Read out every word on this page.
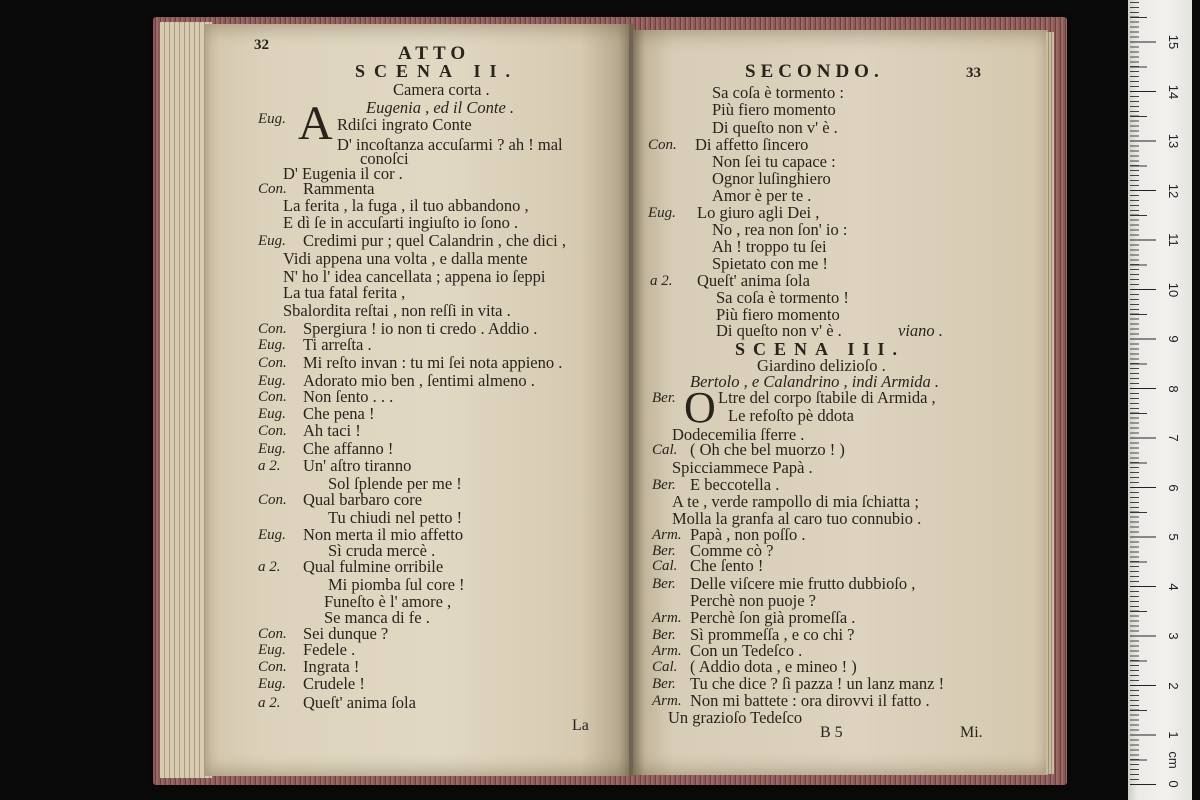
32	ATTO
SCENA II.
Camera corta .
Eugenia , ed il Conte .
A
Eug.	Rdiſci ingrato Conte
D' incoſtanza accuſarmi ? ah ! mal
conoſci
D' Eugenia il cor .
Con. Rammenta
La ferita , la fuga , il tuo abbandono ,
E dì ſe in accuſarti ingiuſto io ſono .
Eug. Credimi pur ; quel Calandrin , che dici ,
Vidi appena una volta , e dalla mente
N' ho l' idea cancellata ; appena io ſeppi
La tua fatal ferita ,
Sbalordita reſtai , non reſſi in vita .
Con. Spergiura ! io non ti credo . Addio .
Eug. Ti arreſta .
Con. Mi reſto invan : tu mi ſei nota appieno .
Eug. Adorato mio ben , ſentimi almeno .
Con. Non ſento . . .
Eug. Che pena !
Con. Ah taci !
Eug. Che affanno !
a 2. Un' aſtro tiranno
Sol ſplende per me !
Con. Qual barbaro core
Tu chiudi nel petto !
Eug. Non merta il mio affetto
Sì cruda mercè .
a 2. Qual fulmine orribile
Mi piomba ſul core !
Funeſto è l' amore ,
Se manca di fe .
Con. Sei dunque ?
Eug. Fedele .
Con. Ingrata !
Eug. Crudele !
a 2. Queſt' anima ſola
La
SECONDO.	33
Sa coſa è tormento :
Più fiero momento
Di queſto non v' è .
Con. Di affetto ſincero
Non ſei tu capace :
Ognor luſinghiero
Amor è per te .
Eug. Lo giuro agli Dei ,
No , rea non ſon' io :
Ah ! troppo tu ſei
Spietato con me !
a 2. Queſt' anima ſola
Sa coſa è tormento !
Più fiero momento
Di queſto non v' è .	viano .
SCENA III.
Giardino delizioſo .
Bertolo , e Calandrino , indi Armida .
O
Ber.	Ltre del corpo ſtabile di Armida ,
Le refoſto pè ddota
Dodecemilia ſferre .
Cal. ( Oh che bel muorzo ! )
Spicciammece Papà .
Ber. E beccotella .
A te , verde rampollo di mia ſchiatta ;
Molla la granfa al caro tuo connubio .
Arm. Papà , non poſſo .
Ber. Comme cò ?
Cal. Che ſento !
Ber. Delle viſcere mie frutto dubbioſo ,
Perchè non puoje ?
Arm. Perchè ſon già promeſſa .
Ber. Sì prommeſſa , e co chi ?
Arm. Con un Tedeſco .
Cal. ( Addio dota , e mineo ! )
Ber. Tu che dice ? ſì pazza ! un lanz manz !
Arm. Non mi battete : ora dirovvi il fatto .
Un grazioſo Tedeſco
B 5	Mi.
cm
0
1
2
3
4
5
6
7
8
9
10
11
12
13
14
15
